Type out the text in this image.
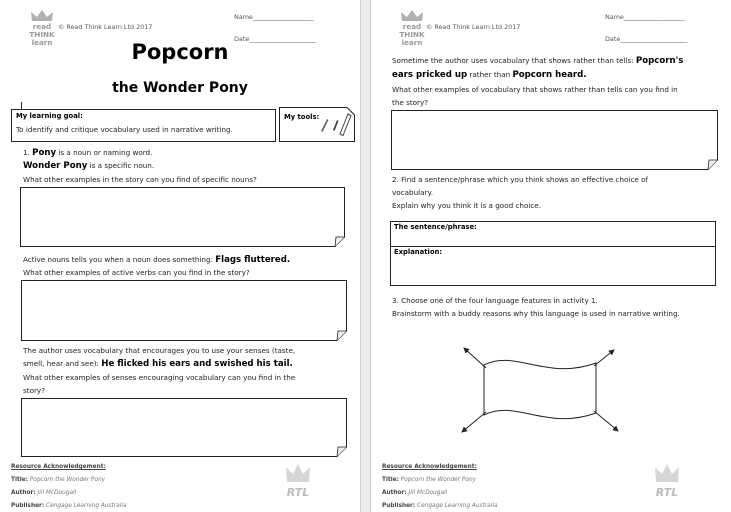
read
THINK
learn
© Read Think Learn Ltd 2017
Name___________________
Date_____________________
Popcorn
the Wonder Pony
My learning goal:
To identify and critique vocabulary used in narrative writing.
My tools:
1. Pony is a noun or naming word.
Wonder Pony is a specific noun.
What other examples in the story can you find of specific nouns?
Active nouns tells you when a noun does something: Flags fluttered.
What other examples of active verbs can you find in the story?
The author uses vocabulary that encourages you to use your senses (taste,
smell, hear and see): He flicked his ears and swished his tail.
What other examples of senses encouraging vocabulary can you find in the
story?
Resource Acknowledgement:
Title: Popcorn the Wonder Pony
Author: Jill McDougall
Publisher: Cengage Learning Australia
RTL
read
THINK
learn
© Read Think Learn Ltd 2017
Name___________________
Date_____________________
Sometime the author uses vocabulary that shows rather than tells: Popcorn's
ears pricked up rather than Popcorn heard.
What other examples of vocabulary that shows rather than tells can you find in
the story?
2. Find a sentence/phrase which you think shows an effective choice of
vocabulary.
Explain why you think it is a good choice.
The sentence/phrase:
Explanation:
3. Choose one of the four language features in activity 1.
Brainstorm with a buddy reasons why this language is used in narrative writing.
Resource Acknowledgement:
Title: Popcorn the Wonder Pony
Author: Jill McDougall
Publisher: Cengage Learning Australia
RTL
